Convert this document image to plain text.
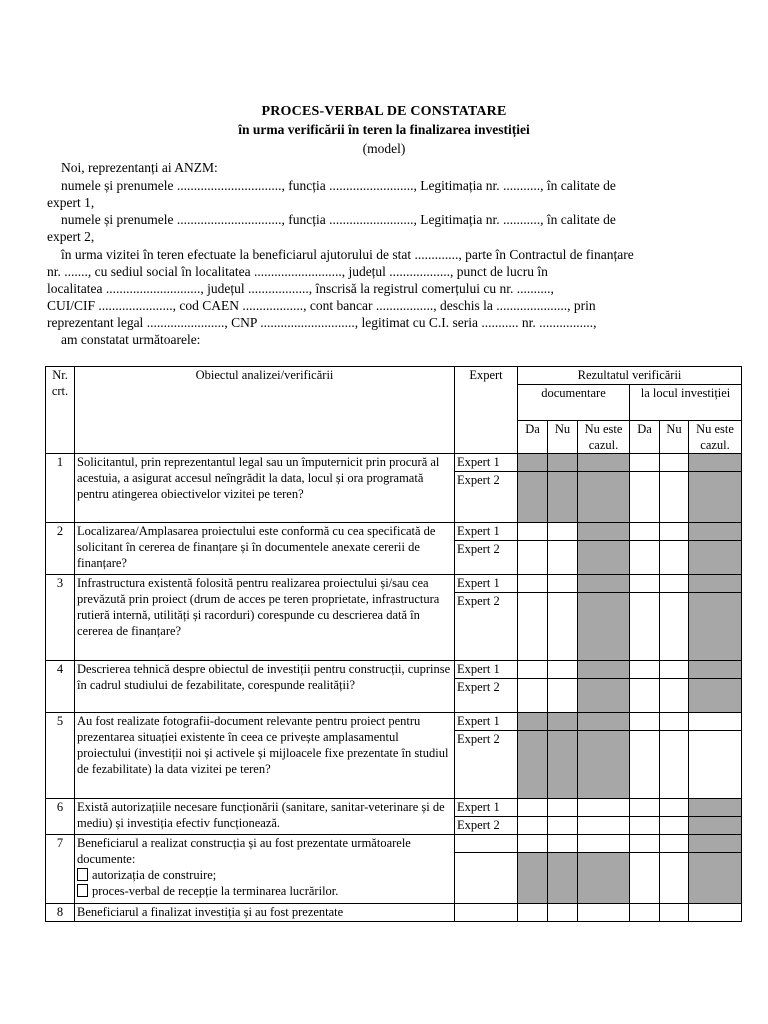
PROCES-VERBAL DE CONSTATARE
în urma verificării în teren la finalizarea investiției
(model)
Noi, reprezentanți ai ANZM:
numele și prenumele ..............................., funcția ........................., Legitimația nr. ..........., în calitate de
expert 1,
numele și prenumele ..............................., funcția ........................., Legitimația nr. ..........., în calitate de
expert 2,
în urma vizitei în teren efectuate la beneficiarul ajutorului de stat ............., parte în Contractul de finanțare
nr. ......., cu sediul social în localitatea .........................., județul .................., punct de lucru în
localitatea ............................, județul .................., înscrisă la registrul comerțului cu nr. ..........,
CUI/CIF ......................, cod CAEN .................., cont bancar ................., deschis la ....................., prin
reprezentant legal ......................., CNP ............................, legitimat cu C.I. seria ........... nr. ................,
am constatat următoarele:
Nr. crt.	Obiectul analizei/verificării	Expert	Rezultatul verificării					
			documentare			la locul investiției		
			Da	Nu	Nu este cazul.	Da	Nu	Nu este cazul.
1	Solicitantul, prin reprezentantul legal sau un împuternicit prin procură al acestuia, a asigurat accesul neîngrădit la data, locul și ora programată pentru atingerea obiectivelor vizitei pe teren?	Expert 1						
		Expert 2						
2	Localizarea/Amplasarea proiectului este conformă cu cea specificată de solicitant în cererea de finanțare și în documentele anexate cererii de finanțare?	Expert 1						
		Expert 2						
3	Infrastructura existentă folosită pentru realizarea proiectului și/sau cea prevăzută prin proiect (drum de acces pe teren proprietate, infrastructura rutieră internă, utilități și racorduri) corespunde cu descrierea dată în cererea de finanțare?	Expert 1						
		Expert 2						
4	Descrierea tehnică despre obiectul de investiții pentru construcții, cuprinse în cadrul studiului de fezabilitate, corespunde realității?	Expert 1						
		Expert 2						
5	Au fost realizate fotografii-document relevante pentru proiect pentru prezentarea situației existente în ceea ce privește amplasamentul proiectului (investiții noi și activele și mijloacele fixe prezentate în studiul de fezabilitate) la data vizitei pe teren?	Expert 1						
		Expert 2						
6	Există autorizațiile necesare funcționării (sanitare, sanitar-veterinare și de mediu) și investiția efectiv funcționează.	Expert 1						
		Expert 2						
7	Beneficiarul a realizat construcția și au fost prezentate următoarele documente:
autorizația de construire;
proces-verbal de recepție la terminarea lucrărilor.							

8	Beneficiarul a finalizat investiția și au fost prezentate							
